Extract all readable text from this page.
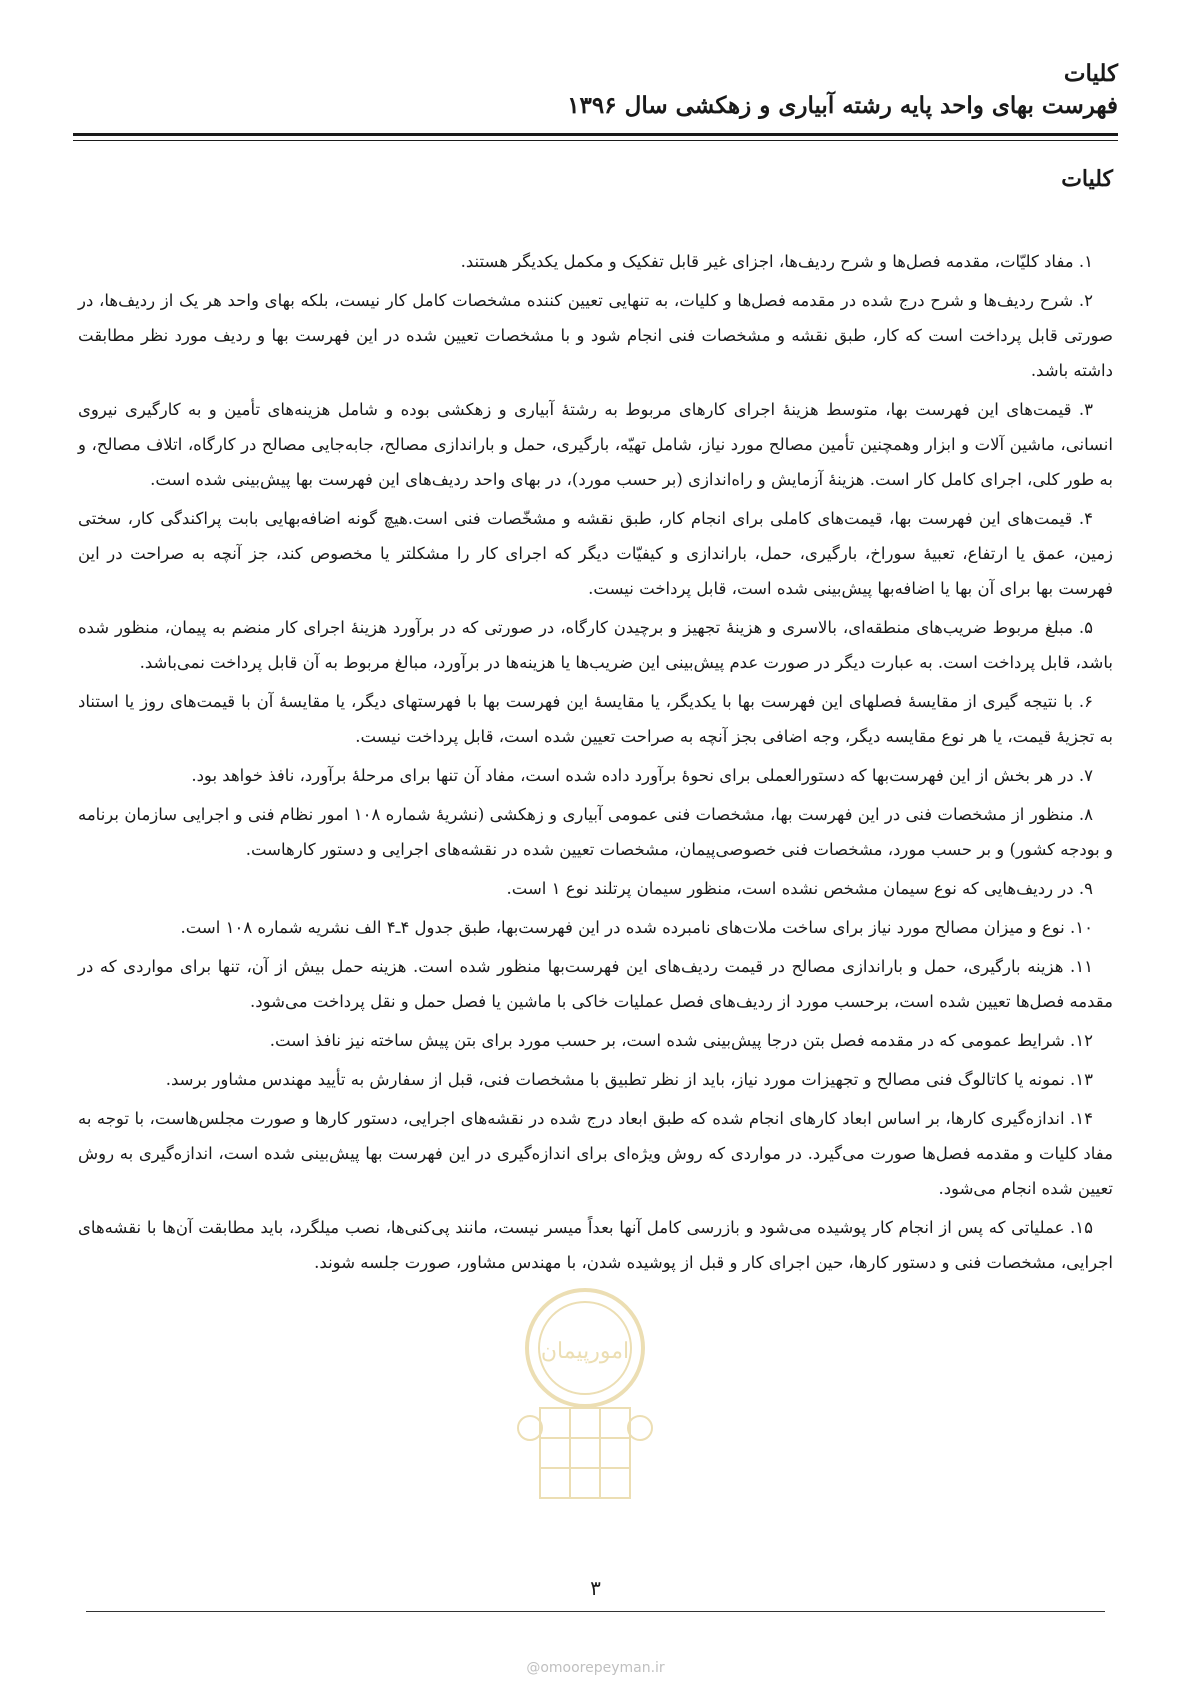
کلیات
فهرست بهای واحد پایه رشته آبیاری و زهکشی سال ۱۳۹۶
کلیات

۱. مفاد کلیّات، مقدمه فصل‌ها و شرح ردیف‌ها، اجزای غیر قابل تفکیک و مکمل یکدیگر هستند.

۲. شرح ردیف‌ها و شرح درج شده در مقدمه فصل‌ها و کلیات، به تنهایی تعیین کننده مشخصات کامل کار نیست، بلکه بهای واحد هر یک از ردیف‌ها، در صورتی قابل پرداخت است که کار، طبق نقشه و مشخصات فنی انجام شود و با مشخصات تعیین شده در این فهرست بها و ردیف مورد نظر مطابقت داشته باشد.

۳. قیمت‌های این فهرست بها، متوسط هزینهٔ اجرای کارهای مربوط به رشتهٔ آبیاری و زهکشی بوده و شامل هزینه‌های تأمین و به کارگیری نیروی انسانی، ماشین آلات و ابزار وهمچنین تأمین مصالح مورد نیاز، شامل تهیّه، بارگیری، حمل و باراندازی مصالح، جابه‌جایی مصالح در کارگاه، اتلاف مصالح، و به طور کلی، اجرای کامل کار است. هزینهٔ آزمایش و راه‌اندازی (بر حسب مورد)، در بهای واحد ردیف‌های این فهرست بها پیش‌بینی شده است.

۴. قیمت‌های این فهرست بها، قیمت‌های کاملی برای انجام کار، طبق نقشه و مشخّصات فنی است.هیچ گونه اضافه‌بهایی بابت پراکندگی کار، سختی زمین، عمق یا ارتفاع، تعبیهٔ سوراخ، بارگیری، حمل، باراندازی و کیفیّات دیگر که اجرای کار را مشکلتر یا مخصوص کند، جز آنچه به صراحت در این فهرست بها برای آن بها یا اضافه‌بها پیش‌بینی شده است، قابل پرداخت نیست.

۵. مبلغ مربوط ضریب‌های منطقه‌ای، بالاسری و هزینهٔ تجهیز و برچیدن کارگاه، در صورتی که در برآورد هزینهٔ اجرای کار منضم به پیمان، منظور شده باشد، قابل پرداخت است. به عبارت دیگر در صورت عدم پیش‌بینی این ضریب‌ها یا هزینه‌ها در برآورد، مبالغ مربوط به آن قابل پرداخت نمی‌باشد.

۶. با نتیجه گیری از مقایسهٔ فصلهای این فهرست بها با یکدیگر، یا مقایسهٔ این فهرست بها با فهرستهای دیگر، یا مقایسهٔ آن با قیمت‌های روز یا استناد به تجزیهٔ قیمت، یا هر نوع مقایسه دیگر، وجه اضافی بجز آنچه به صراحت تعیین شده است، قابل پرداخت نیست.

۷. در هر بخش از این فهرست‌بها که دستورالعملی برای نحوهٔ برآورد داده شده است، مفاد آن تنها برای مرحلهٔ برآورد، نافذ خواهد بود.

۸. منظور از مشخصات فنی در این فهرست بها، مشخصات فنی عمومی آبیاری و زهکشی (نشریهٔ شماره ۱۰۸ امور نظام فنی و اجرایی سازمان برنامه و بودجه کشور) و بر حسب مورد، مشخصات فنی خصوصی‌پیمان، مشخصات تعیین شده در نقشه‌های اجرایی و دستور کارهاست.

۹. در ردیف‌هایی که نوع سیمان مشخص نشده است، منظور سیمان پرتلند نوع ۱ است.

۱۰. نوع و میزان مصالح مورد نیاز برای ساخت ملات‌های نامبرده شده در این فهرست‌بها، طبق جدول ۴ـ۴ الف نشریه شماره ۱۰۸ است.

۱۱. هزینه بارگیری، حمل و باراندازی مصالح در قیمت ردیف‌های این فهرست‌بها منظور شده است. هزینه حمل بیش از آن، تنها برای مواردی که در مقدمه فصل‌ها تعیین شده است، برحسب مورد از ردیف‌های فصل عملیات خاکی با ماشین یا فصل حمل و نقل پرداخت می‌شود.

۱۲. شرایط عمومی که در مقدمه فصل بتن درجا پیش‌بینی شده است، بر حسب مورد برای بتن پیش ساخته نیز نافذ است.

۱۳. نمونه یا کاتالوگ فنی مصالح و تجهیزات مورد نیاز، باید از نظر تطبیق با مشخصات فنی، قبل از سفارش به تأیید مهندس مشاور برسد.

۱۴. اندازه‌گیری کارها، بر اساس ابعاد کارهای انجام شده که طبق ابعاد درج شده در نقشه‌های اجرایی، دستور کارها و صورت مجلس‌هاست، با توجه به مفاد کلیات و مقدمه فصل‌ها صورت می‌گیرد. در مواردی که روش ویژه‌ای برای اندازه‌گیری در این فهرست بها پیش‌بینی شده است، اندازه‌گیری به روش تعیین شده انجام می‌شود.

۱۵. عملیاتی که پس از انجام کار پوشیده می‌شود و بازرسی کامل آنها بعداً میسر نیست، مانند پی‌کنی‌ها، نصب میلگرد، باید مطابقت آن‌ها با نقشه‌های اجرایی، مشخصات فنی و دستور کارها، حین اجرای کار و قبل از پوشیده شدن، با مهندس مشاور، صورت جلسه شوند.

امورپیمان
۳
@omoorepeyman.ir
